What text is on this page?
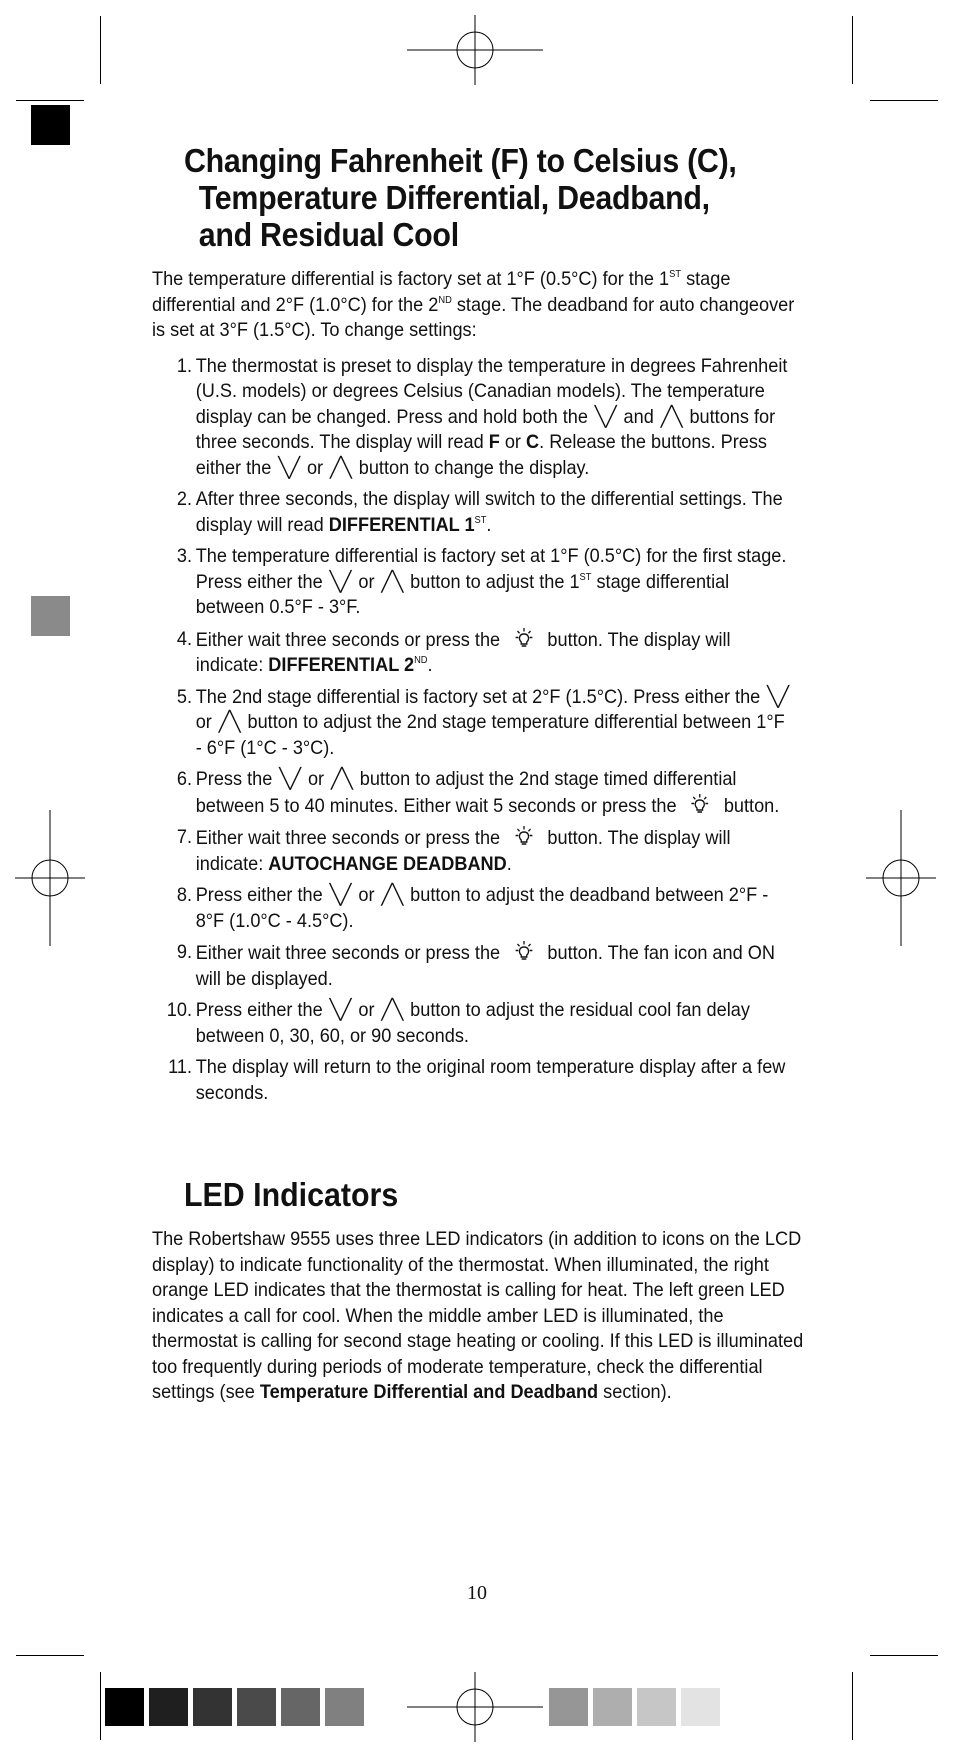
Changing Fahrenheit (F) to Celsius (C),
Temperature Differential, Deadband,
and Residual Cool

The temperature differential is factory set at 1°F (0.5°C) for the 1ST stage differential and 2°F (1.0°C) for the 2ND stage. The deadband for auto changeover is set at 3°F (1.5°C). To change settings:

1. The thermostat is preset to display the temperature in degrees Fahrenheit (U.S. models) or degrees Celsius (Canadian models). The temperature display can be changed. Press and hold both the ╲╱ and ╱╲ buttons for three seconds. The display will read F or C. Release the buttons. Press either the ╲╱ or ╱╲ button to change the display.
2. After three seconds, the display will switch to the differential settings. The display will read DIFFERENTIAL 1ST.
3. The temperature differential is factory set at 1°F (0.5°C) for the first stage. Press either the ╲╱ or ╱╲ button to adjust the 1ST stage differential between 0.5°F - 3°F.
4. Either wait three seconds or press the button. The display will indicate: DIFFERENTIAL 2ND.
5. The 2nd stage differential is factory set at 2°F (1.5°C). Press either the ╲╱ or ╱╲ button to adjust the 2nd stage temperature differential between 1°F - 6°F (1°C - 3°C).
6. Press the ╲╱ or ╱╲ button to adjust the 2nd stage timed differential between 5 to 40 minutes. Either wait 5 seconds or press the button.
7. Either wait three seconds or press the button. The display will indicate: AUTOCHANGE DEADBAND.
8. Press either the ╲╱ or ╱╲ button to adjust the deadband between 2°F - 8°F (1.0°C - 4.5°C).
9. Either wait three seconds or press the button. The fan icon and ON will be displayed.
10. Press either the ╲╱ or ╱╲ button to adjust the residual cool fan delay between 0, 30, 60, or 90 seconds.
11. The display will return to the original room temperature display after a few seconds.
LED Indicators

The Robertshaw 9555 uses three LED indicators (in addition to icons on the LCD display) to indicate functionality of the thermostat. When illuminated, the right orange LED indicates that the thermostat is calling for heat. The left green LED indicates a call for cool. When the middle amber LED is illuminated, the thermostat is calling for second stage heating or cooling. If this LED is illuminated too frequently during periods of moderate temperature, check the differential settings (see Temperature Differential and Deadband section).

10
